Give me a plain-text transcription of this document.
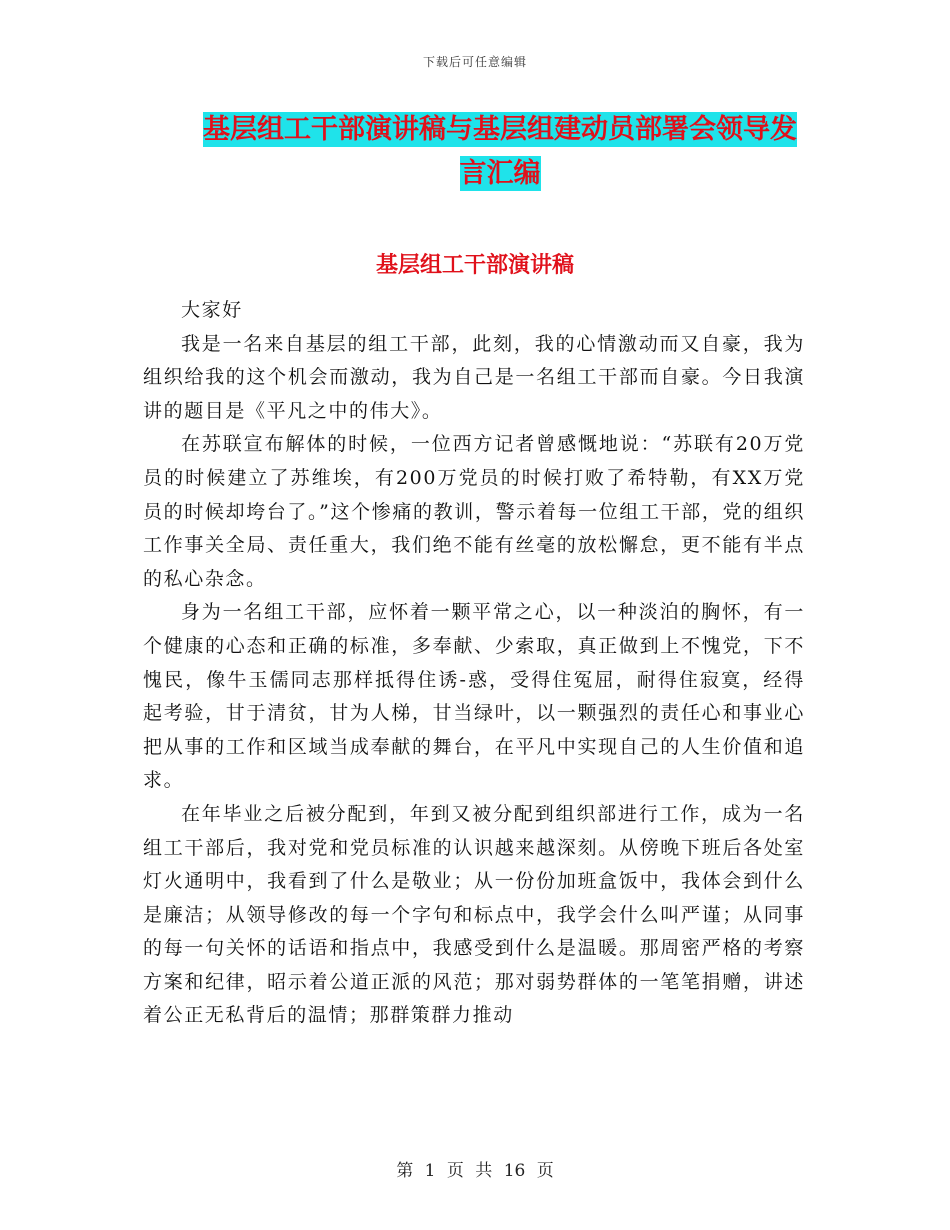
下载后可任意编辑
基层组工干部演讲稿与基层组建动员部署会领导发言汇编
基层组工干部演讲稿

大家好

我是一名来自基层的组工干部，此刻，我的心情激动而又自豪，我为组织给我的这个机会而激动，我为自己是一名组工干部而自豪。今日我演讲的题目是《平凡之中的伟大》。

在苏联宣布解体的时候，一位西方记者曾感慨地说：“苏联有20万党员的时候建立了苏维埃，有200万党员的时候打败了希特勒，有XX万党员的时候却垮台了。”这个惨痛的教训，警示着每一位组工干部，党的组织工作事关全局、责任重大，我们绝不能有丝毫的放松懈怠，更不能有半点的私心杂念。

身为一名组工干部，应怀着一颗平常之心，以一种淡泊的胸怀，有一个健康的心态和正确的标准，多奉献、少索取，真正做到上不愧党，下不愧民，像牛玉儒同志那样抵得住诱-惑，受得住冤屈，耐得住寂寞，经得起考验，甘于清贫，甘为人梯，甘当绿叶，以一颗强烈的责任心和事业心把从事的工作和区域当成奉献的舞台，在平凡中实现自己的人生价值和追求。

在年毕业之后被分配到，年到又被分配到组织部进行工作，成为一名组工干部后，我对党和党员标准的认识越来越深刻。从傍晚下班后各处室灯火通明中，我看到了什么是敬业；从一份份加班盒饭中，我体会到什么是廉洁；从领导修改的每一个字句和标点中，我学会什么叫严谨；从同事的每一句关怀的话语和指点中，我感受到什么是温暖。那周密严格的考察方案和纪律，昭示着公道正派的风范；那对弱势群体的一笔笔捐赠，讲述着公正无私背后的温情；那群策群力推动

第 1 页 共 16 页
